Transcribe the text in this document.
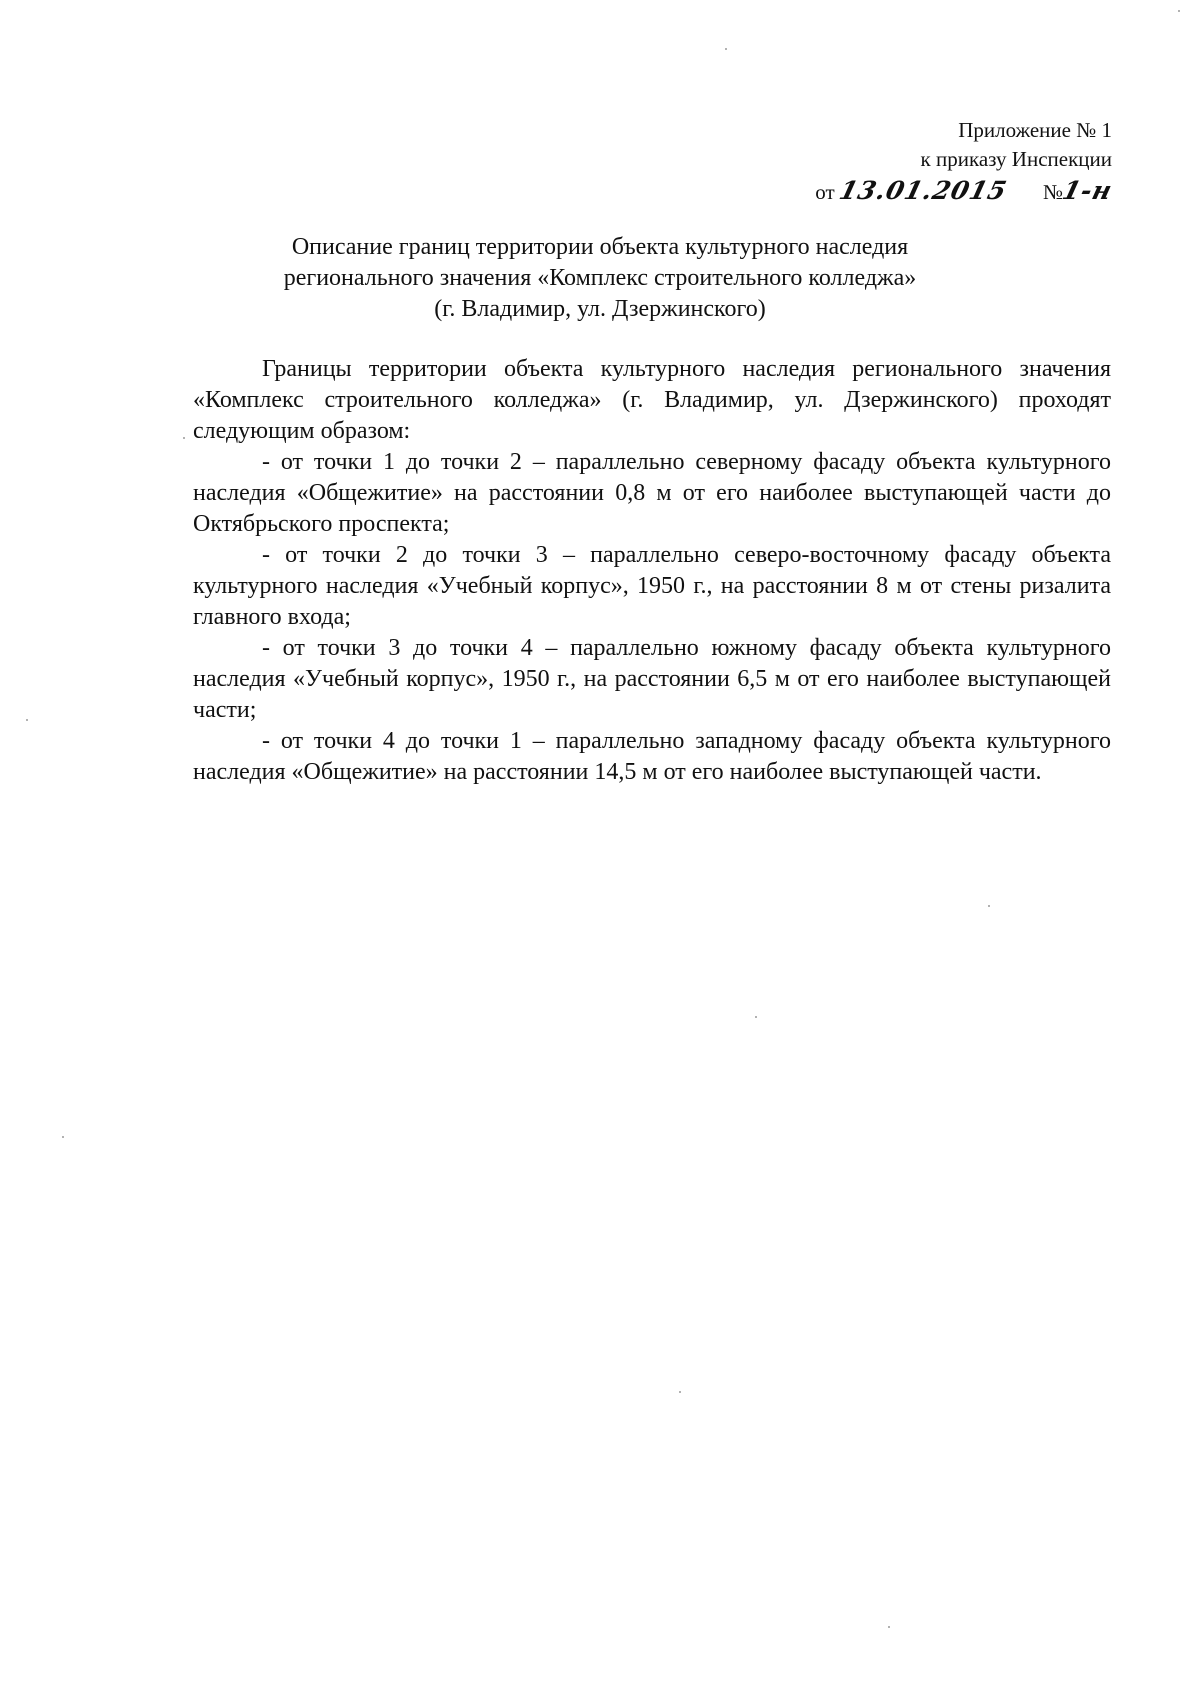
Приложение № 1
к приказу Инспекции
от 13.01.2015 №1-н
Описание границ территории объекта культурного наследия
регионального значения «Комплекс строительного колледжа»
(г. Владимир, ул. Дзержинского)

Границы территории объекта культурного наследия регионального значения «Комплекс строительного колледжа» (г. Владимир, ул. Дзержинского) проходят следующим образом:

- от точки 1 до точки 2 – параллельно северному фасаду объекта культурного наследия «Общежитие» на расстоянии 0,8 м от его наиболее выступающей части до Октябрьского проспекта;

- от точки 2 до точки 3 – параллельно северо-восточному фасаду объекта культурного наследия «Учебный корпус», 1950 г., на расстоянии 8 м от стены ризалита главного входа;

- от точки 3 до точки 4 – параллельно южному фасаду объекта культурного наследия «Учебный корпус», 1950 г., на расстоянии 6,5 м от его наиболее выступающей части;

- от точки 4 до точки 1 – параллельно западному фасаду объекта культурного наследия «Общежитие» на расстоянии 14,5 м от его наиболее выступающей части.
